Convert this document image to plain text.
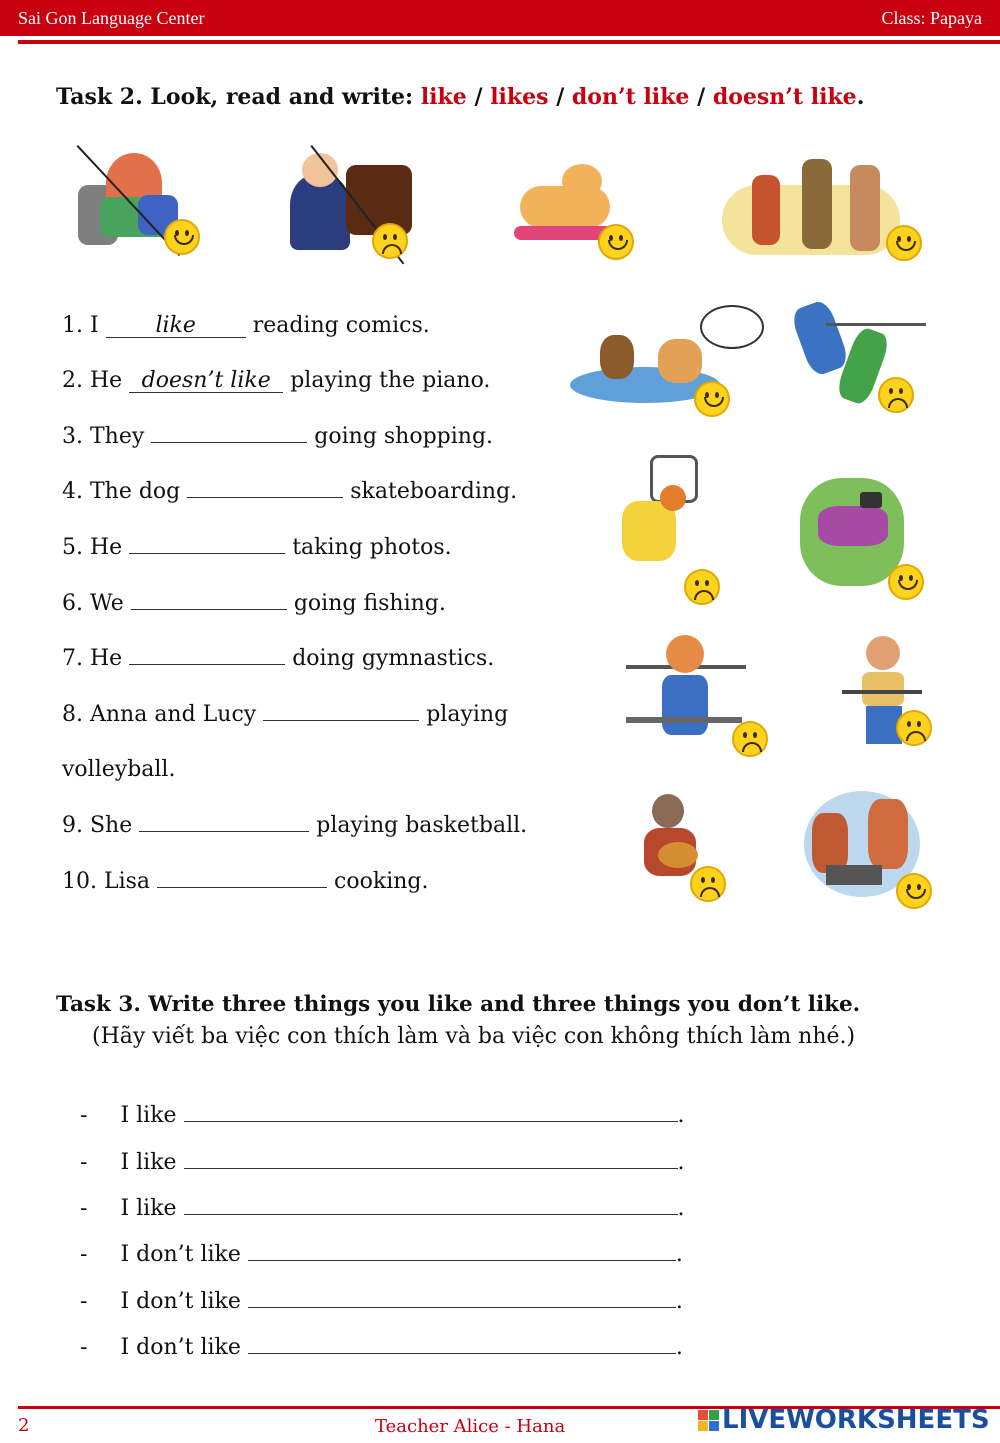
Sai Gon Language Center	Class: Papaya
Task 2. Look, read and write: like / likes / don’t like / doesn’t like.
1. I	like	reading comics.
2. He doesn’t like playing the piano.
3. They	going shopping.
4. The dog	skateboarding.
5. He	taking photos.
6. We	going fishing.
7. He	doing gymnastics.
8. Anna and Lucy	playing
volleyball.
9. She	playing basketball.
10. Lisa	cooking.
Task 3. Write three things you like and three things you don’t like.
(Hãy viết ba việc con thích làm và ba việc con không thích làm nhé.)
- I like	.
- I like	.
- I like	.
- I don’t like	.
- I don’t like	.
- I don’t like	.
2	Teacher Alice - Hana	LIVEWORKSHEETS
